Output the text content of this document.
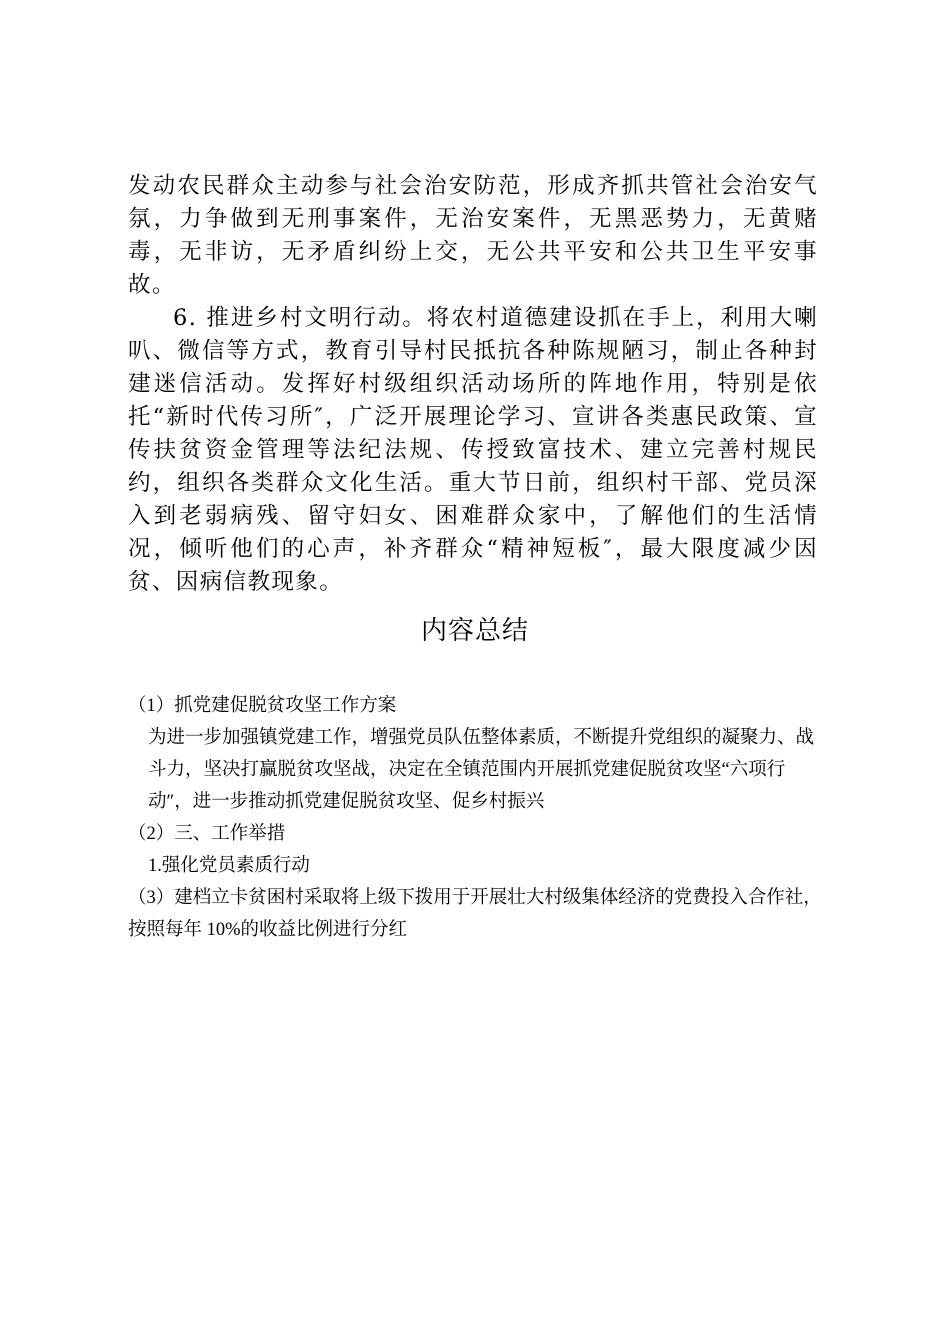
发动农民群众主动参与社会治安防范，形成齐抓共管社会治安气氛，力争做到无刑事案件，无治安案件，无黑恶势力，无黄赌毒，无非访，无矛盾纠纷上交，无公共平安和公共卫生平安事故。

6. 推进乡村文明行动。将农村道德建设抓在手上，利用大喇叭、微信等方式，教育引导村民抵抗各种陈规陋习，制止各种封建迷信活动。发挥好村级组织活动场所的阵地作用，特别是依托“新时代传习所″，广泛开展理论学习、宣讲各类惠民政策、宣传扶贫资金管理等法纪法规、传授致富技术、建立完善村规民约，组织各类群众文化生活。重大节日前，组织村干部、党员深入到老弱病残、留守妇女、困难群众家中，了解他们的生活情况，倾听他们的心声，补齐群众“精神短板″，最大限度减少因贫、因病信教现象。

内容总结

（1）抓党建促脱贫攻坚工作方案

为进一步加强镇党建工作，增强党员队伍整体素质，不断提升党组织的凝聚力、战斗力，坚决打赢脱贫攻坚战，决定在全镇范围内开展抓党建促脱贫攻坚“六项行动″，进一步推动抓党建促脱贫攻坚、促乡村振兴

（2）三、工作举措

1.强化党员素质行动

（3）建档立卡贫困村采取将上级下拨用于开展壮大村级集体经济的党费投入合作社，按照每年 10%的收益比例进行分红
